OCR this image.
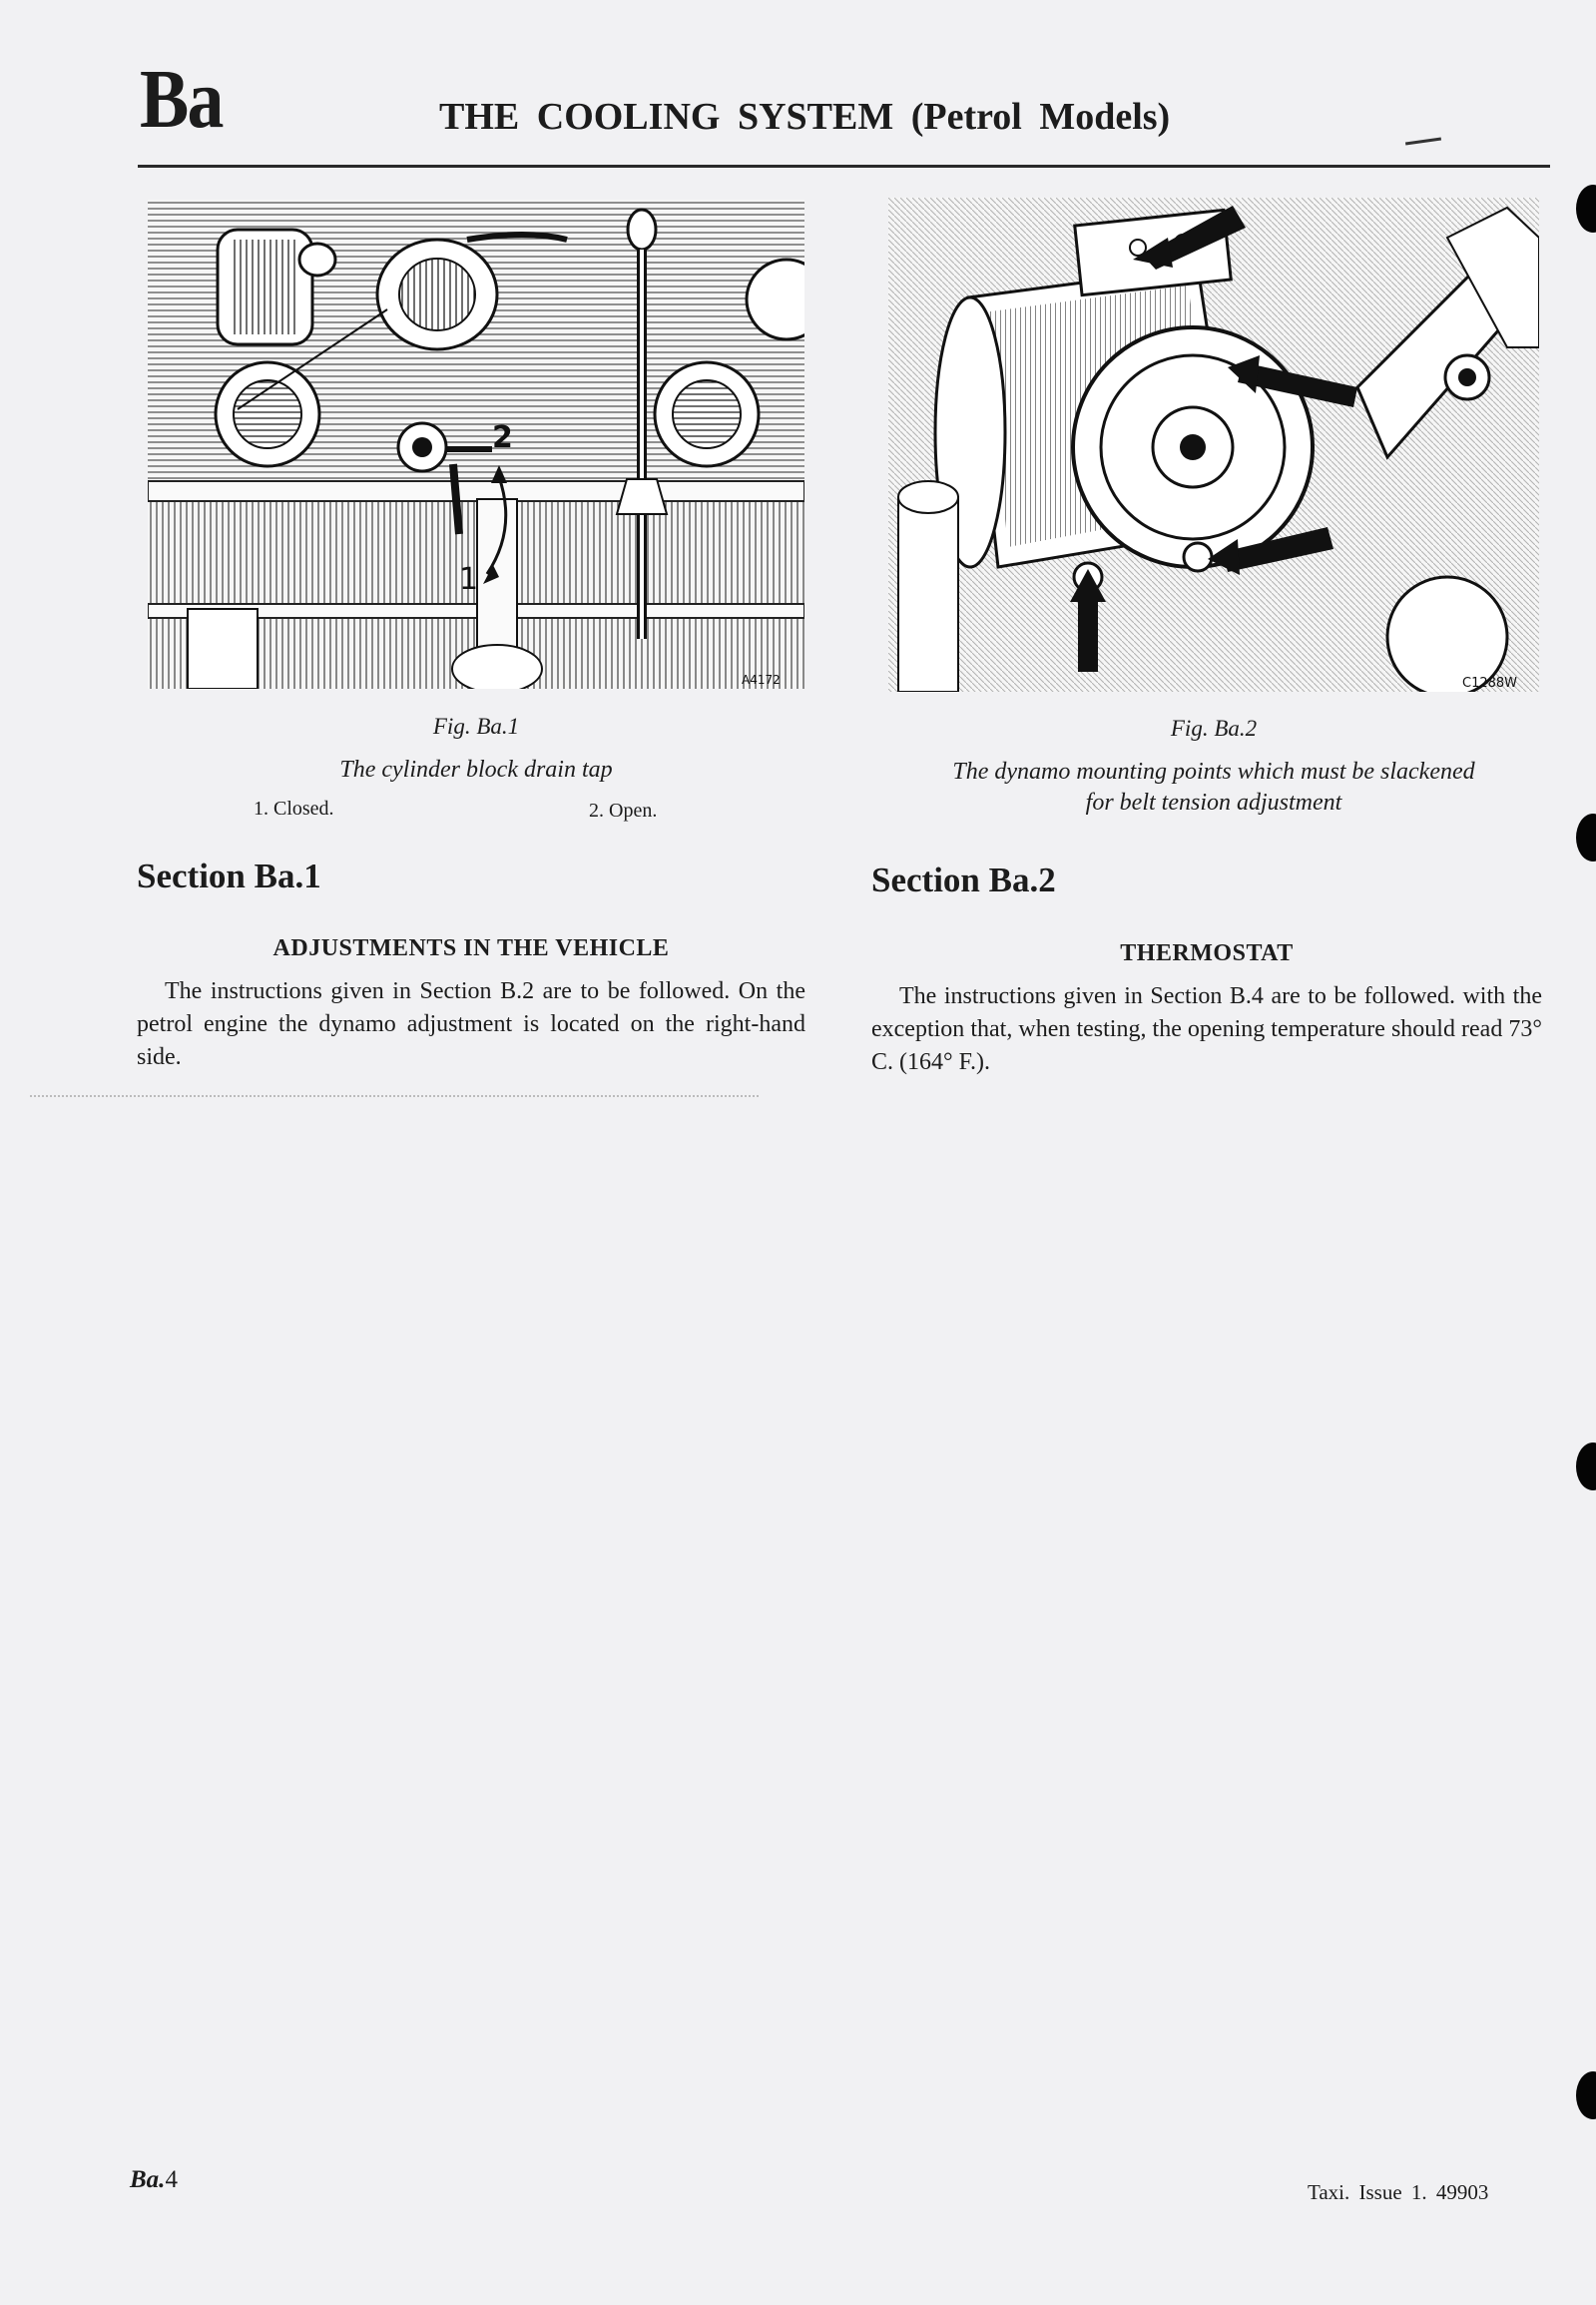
Ba	THE COOLING SYSTEM (Petrol Models)
2
1
A4172	C1288W
Fig. Ba.1
The cylinder block drain tap
1. Closed.	2. Open.
Fig. Ba.2
The dynamo mounting points which must be slackened
for belt tension adjustment
Section Ba.1
ADJUSTMENTS IN THE VEHICLE
The instructions given in Section B.2 are to be followed. On the petrol engine the dynamo adjustment is located on the right-hand side.
Section Ba.2
THERMOSTAT
The instructions given in Section B.4 are to be followed. with the exception that, when testing, the opening temperature should read 73° C. (164° F.).
Ba.4	Taxi. Issue 1. 49903
